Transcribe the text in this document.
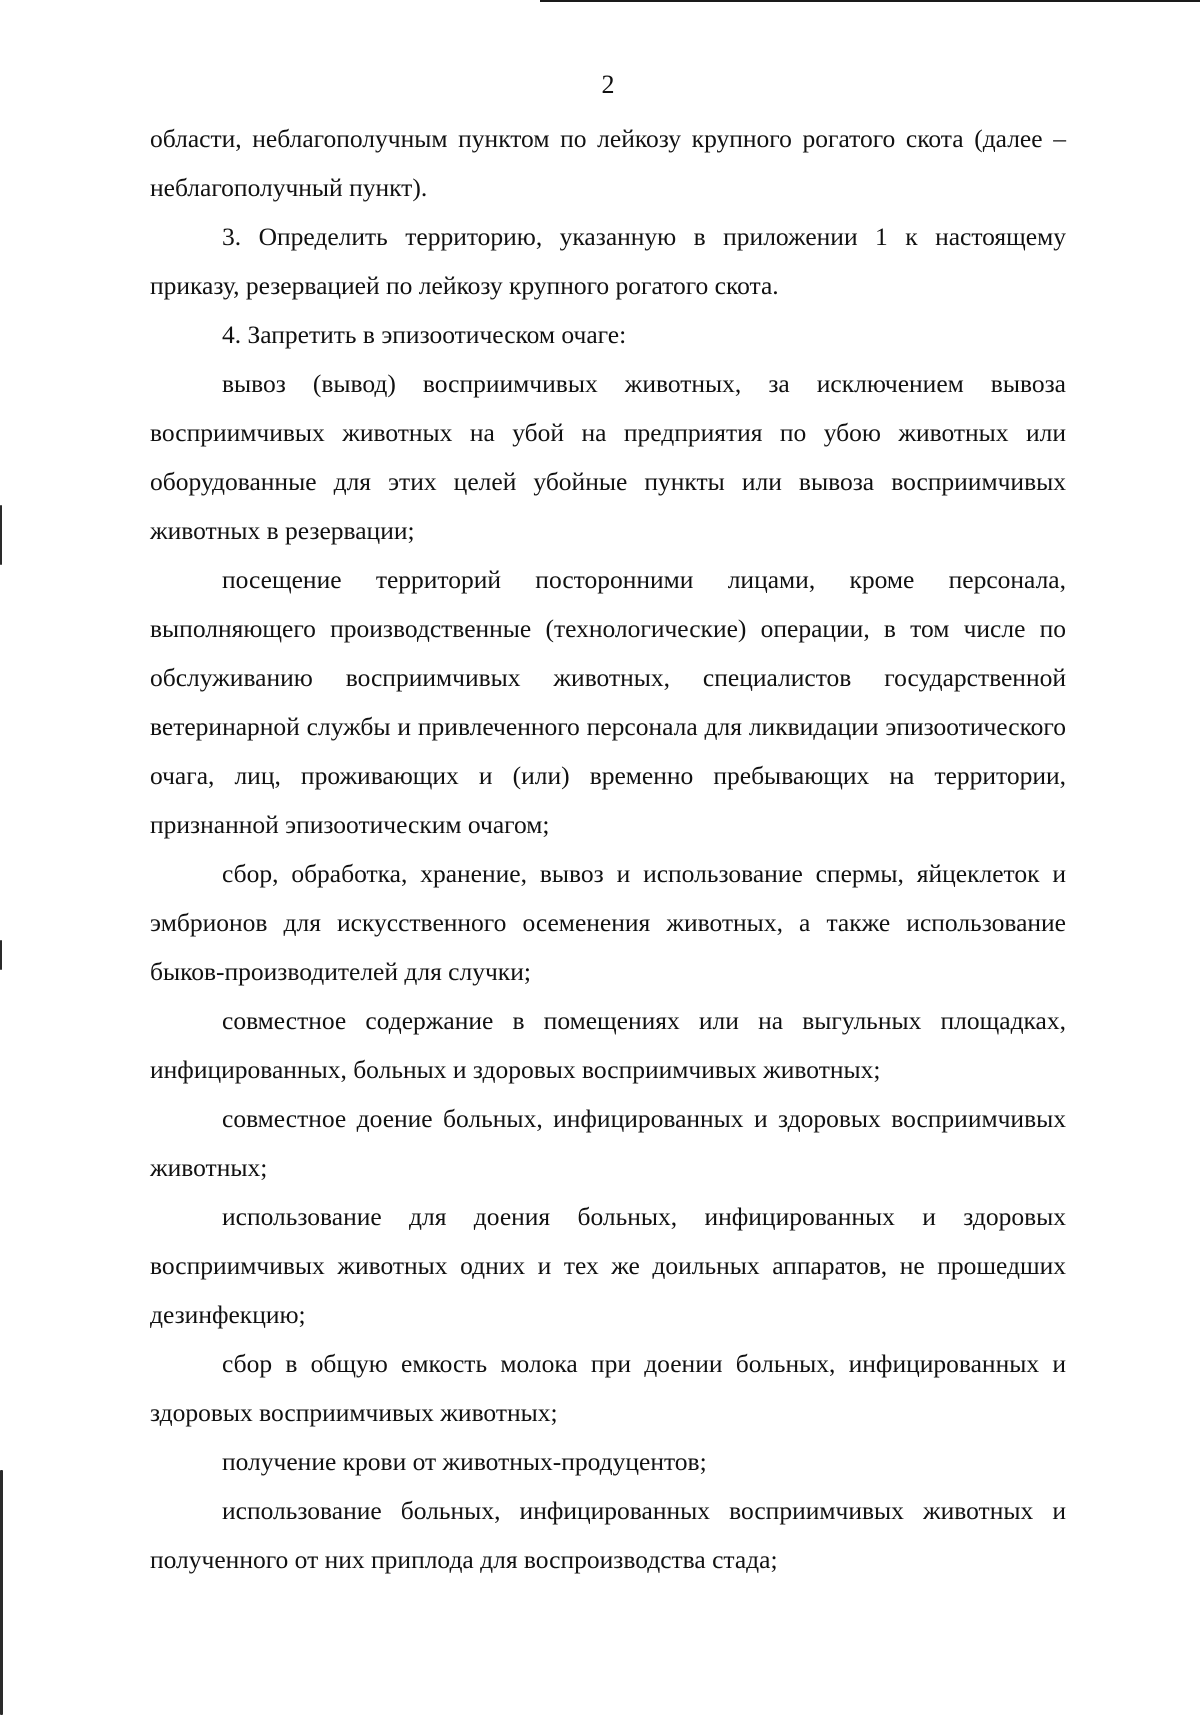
2

области, неблагополучным пунктом по лейкозу крупного рогатого скота (далее – неблагополучный пункт).

3. Определить территорию, указанную в приложении 1 к настоящему приказу, резервацией по лейкозу крупного рогатого скота.

4. Запретить в эпизоотическом очаге:

вывоз (вывод) восприимчивых животных, за исключением вывоза восприимчивых животных на убой на предприятия по убою животных или оборудованные для этих целей убойные пункты или вывоза восприимчивых животных в резервации;

посещение территорий посторонними лицами, кроме персонала, выполняющего производственные (технологические) операции, в том числе по обслуживанию восприимчивых животных, специалистов государственной ветеринарной службы и привлеченного персонала для ликвидации эпизоотического очага, лиц, проживающих и (или) временно пребывающих на территории, признанной эпизоотическим очагом;

сбор, обработка, хранение, вывоз и использование спермы, яйцеклеток и эмбрионов для искусственного осеменения животных, а также использование быков-производителей для случки;

совместное содержание в помещениях или на выгульных площадках, инфицированных, больных и здоровых восприимчивых животных;

совместное доение больных, инфицированных и здоровых восприимчивых животных;

использование для доения больных, инфицированных и здоровых восприимчивых животных одних и тех же доильных аппаратов, не прошедших дезинфекцию;

сбор в общую емкость молока при доении больных, инфицированных и здоровых восприимчивых животных;

получение крови от животных-продуцентов;

использование больных, инфицированных восприимчивых животных и полученного от них приплода для воспроизводства стада;
